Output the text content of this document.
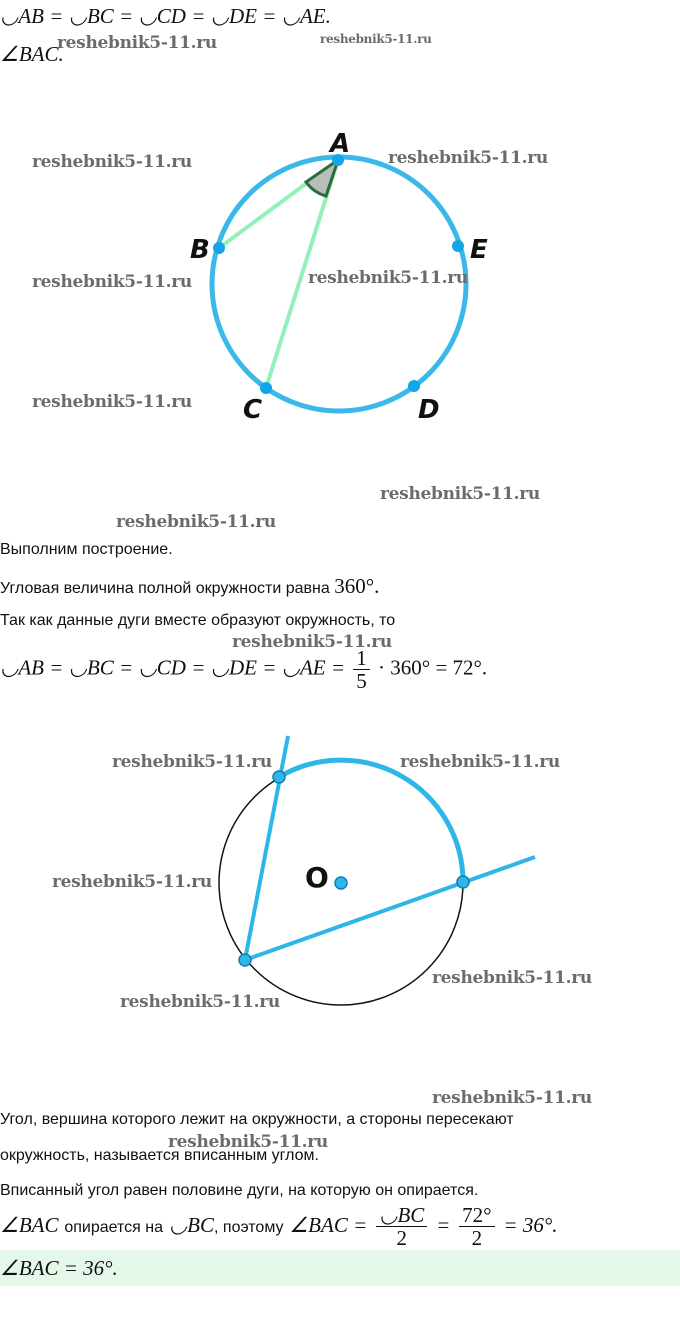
◡AB = ◡BC = ◡CD = ◡DE = ◡AE.
∠BAC.
A
B
C	D
E
Выполним построение.
Угловая величина полной окружности равна 360°.
Так как данные дуги вместе образуют окружность, то
◡AB = ◡BC = ◡CD = ◡DE = ◡AE = $\frac{1}{5} \cdot 360^\circ = 72^\circ$.
O
Угол, вершина которого лежит на окружности, а стороны пересекают
окружность, называется вписанным углом.
Вписанный угол равен половине дуги, на которую он опирается.
∠BAC опирается на ◡BC, поэтому ∠BAC = $\frac{◡BC}{2} = \frac{72^\circ}{2} = 36^\circ$.
∠BAC = 36°.
reshebnik5-11.ru	reshebnik5-11.ru
reshebnik5-11.ru	reshebnik5-11.ru
reshebnik5-11.ru	reshebnik5-11.ru
reshebnik5-11.ru
reshebnik5-11.ru
reshebnik5-11.ru
reshebnik5-11.ru
reshebnik5-11.ru	reshebnik5-11.ru
reshebnik5-11.ru
reshebnik5-11.ru
reshebnik5-11.ru
reshebnik5-11.ru
reshebnik5-11.ru
